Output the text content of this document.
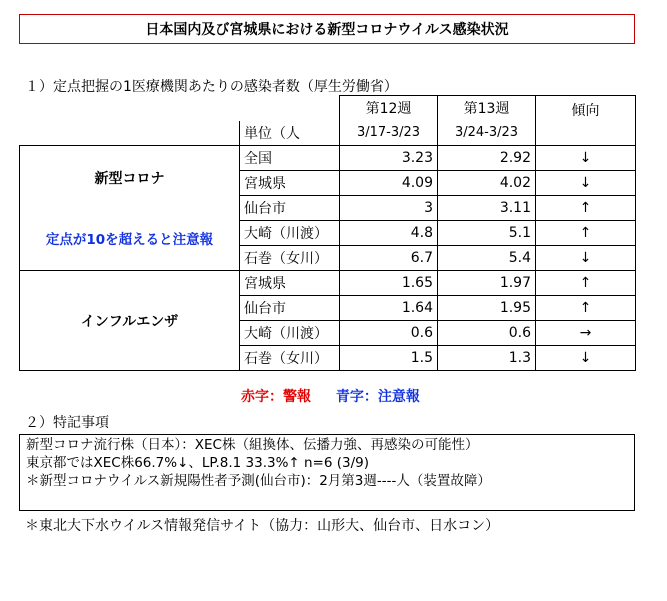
日本国内及び宮城県における新型コロナウイルス感染状況
１）定点把握の1医療機関あたりの感染者数（厚生労働省）
		第12週	第13週	傾向
	単位（人	3/17-3/23	3/24-3/23	

新型コロナ
定点が10を超えると注意報	全国	3.23	2.92	↓
	宮城県	4.09	4.02	↓
	仙台市	3	3.11	↑
	大崎（川渡）	4.8	5.1	↑
	石巻（女川）	6.7	5.4	↓
インフルエンザ	宮城県	1.65	1.97	↑
	仙台市	1.64	1.95	↑
	大崎（川渡）	0.6	0.6	→
	石巻（女川）	1.5	1.3	↓
赤字：警報 青字：注意報
２）特記事項
新型コロナ流行株（日本）：XEC株（組換体、伝播力強、再感染の可能性）
東京都ではXEC株66.7%↓、LP.8.1 33.3%↑ n=6 (3/9)
＊新型コロナウイルス新規陽性者予測(仙台市)：2月第3週----人（装置故障）
＊東北大下水ウイルス情報発信サイト（協力：山形大、仙台市、日水コン）
